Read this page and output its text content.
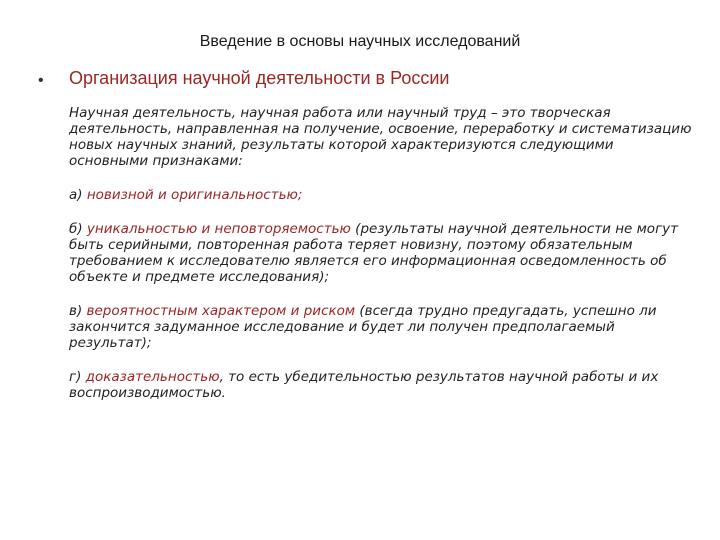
Введение в основы научных исследований
• Организация научной деятельности в России

Научная деятельность, научная работа или научный труд – это творческая деятельность, направленная на получение, освоение, переработку и систематизацию новых научных знаний, результаты которой характеризуются следующими основными признаками:

а) новизной и оригинальностью;

б) уникальностью и неповторяемостью (результаты научной деятельности не могут быть серийными, повторенная работа теряет новизну, поэтому обязательным требованием к исследователю является его информационная осведомленность об объекте и предмете исследования);

в) вероятностным характером и риском (всегда трудно предугадать, успешно ли закончится задуманное исследование и будет ли получен предполагаемый результат);

г) доказательностью, то есть убедительностью результатов научной работы и их воспроизводимостью.
